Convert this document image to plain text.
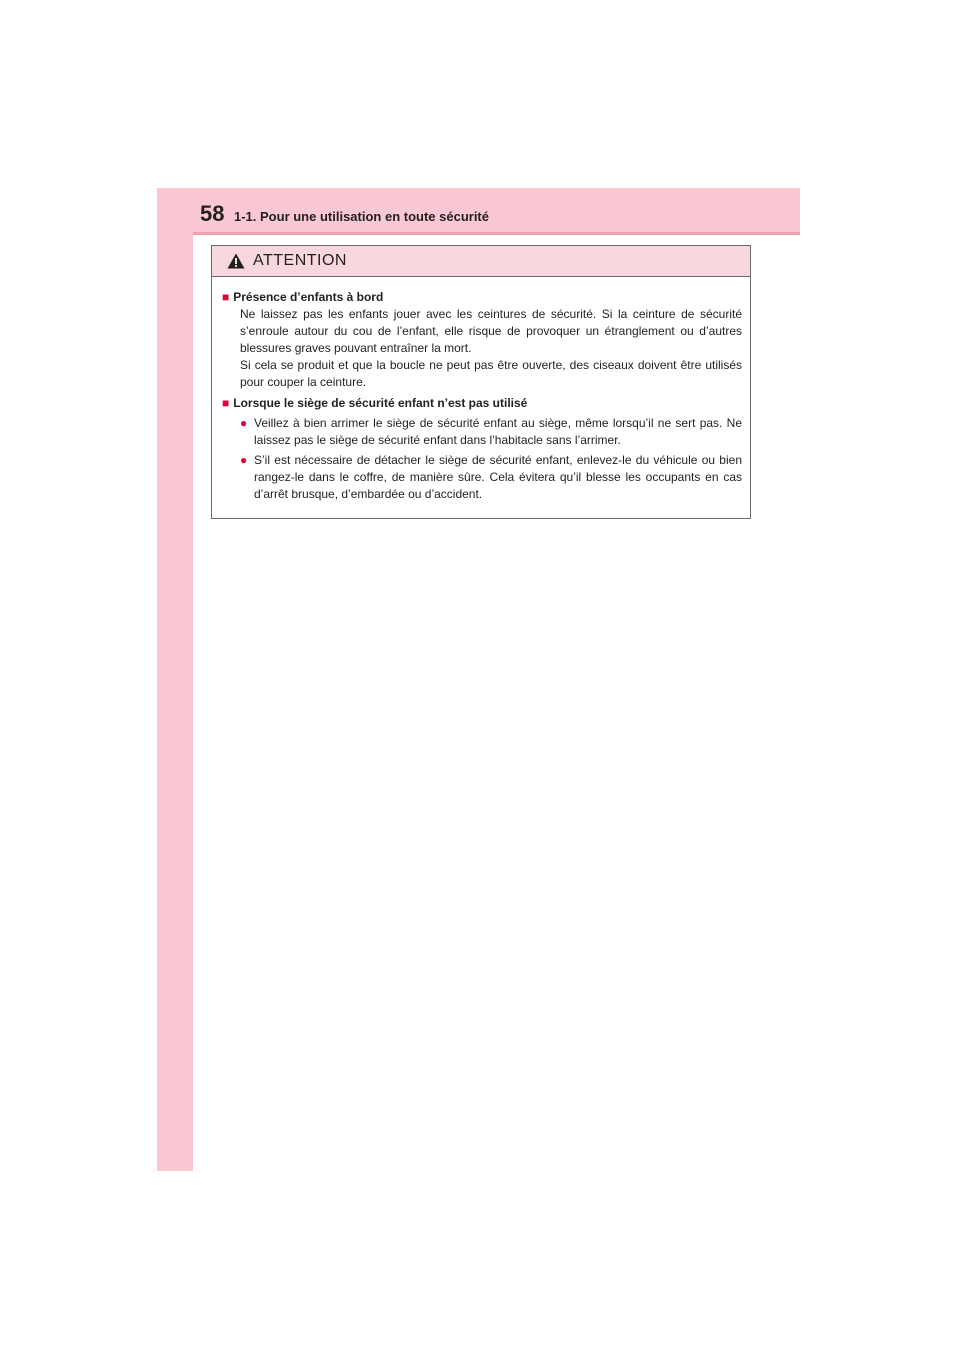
58 1-1. Pour une utilisation en toute sécurité
ATTENTION
■ Présence d’enfants à bord
Ne laissez pas les enfants jouer avec les ceintures de sécurité. Si la ceinture de sécurité s’enroule autour du cou de l’enfant, elle risque de provoquer un étranglement ou d’autres blessures graves pouvant entraîner la mort.
Si cela se produit et que la boucle ne peut pas être ouverte, des ciseaux doivent être utilisés pour couper la ceinture.
■ Lorsque le siège de sécurité enfant n’est pas utilisé
● Veillez à bien arrimer le siège de sécurité enfant au siège, même lorsqu’il ne sert pas. Ne laissez pas le siège de sécurité enfant dans l’habitacle sans l’arrimer.
● S’il est nécessaire de détacher le siège de sécurité enfant, enlevez-le du véhicule ou bien rangez-le dans le coffre, de manière sûre. Cela évitera qu’il blesse les occupants en cas d’arrêt brusque, d’embardée ou d’accident.
